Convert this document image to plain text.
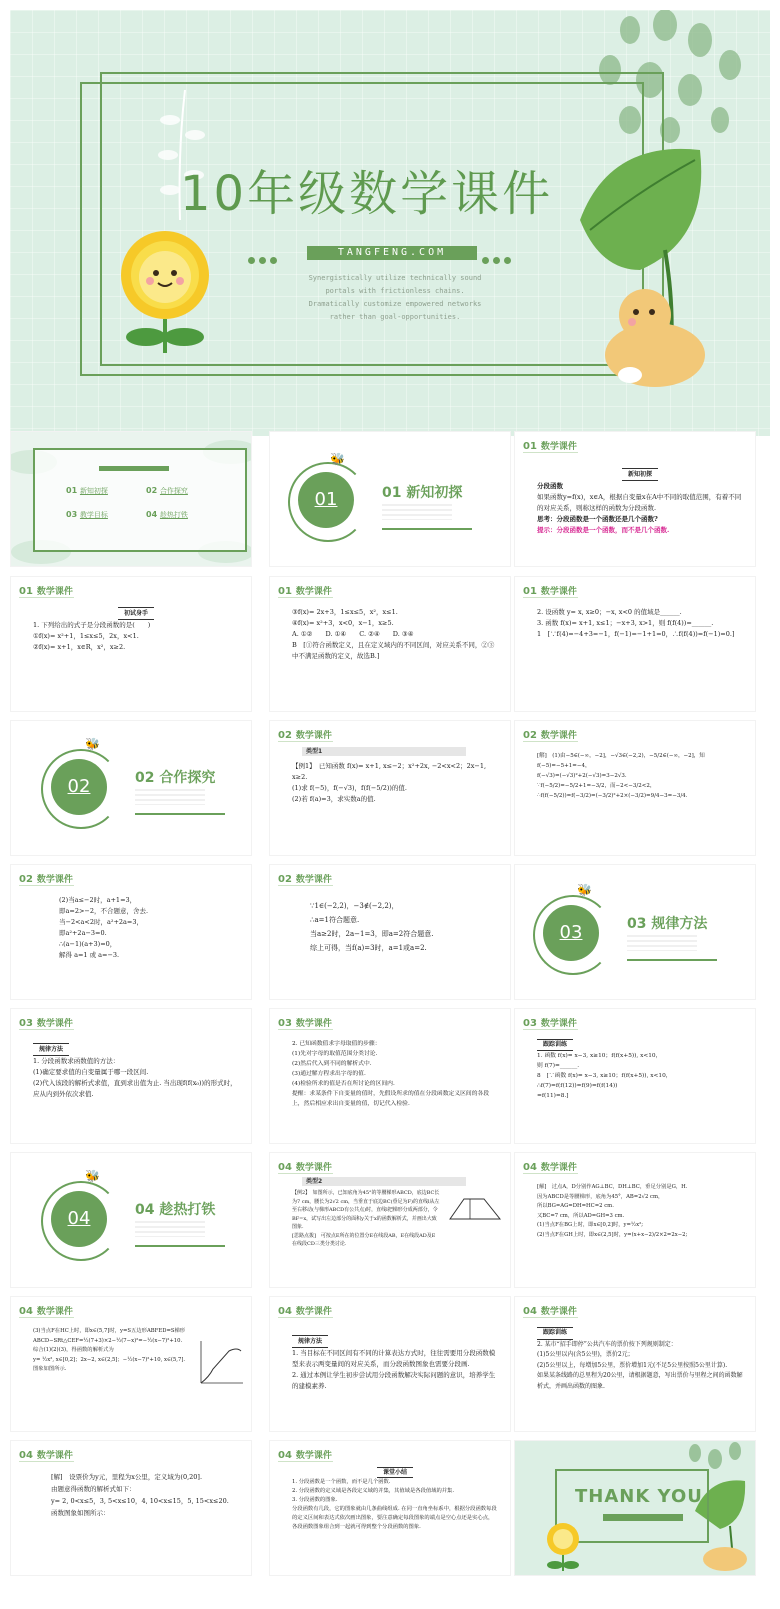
10年级数学课件
TANGFENG.COM
Synergistically utilize technically sound portals with frictionless chains. Dramatically customize empowered networks rather than goal-opportunities.
01 新知初探	02 合作探究
03 教学目标	04 趁热打铁
01
🐝
01 新知初探
01 数学课件

新知初探

分段函数

如果函数y=f(x)，x∈A，根据自变量x在A中不同的取值范围，有着不同的对应关系，则称这样的函数为分段函数.

思考：分段函数是一个函数还是几个函数?

提示：分段函数是一个函数，而不是几个函数.

01 数学课件

初试身手

1. 下列给出的式子是分段函数的是(　　)

①f(x)= x²+1，1≤x≤5，2x，x<1.

②f(x)= x+1，x∈R，x²，x≥2.

01 数学课件

③f(x)= 2x+3，1≤x≤5，x²，x≤1.

④f(x)= x²+3，x<0，x−1，x≥5.

A. ①②　　D. ①④　　C. ②④　　D. ③④

B　[①符合函数定义，且在定义域内的不同区间，对应关系不同，②③中不满足函数的定义，故选B.]

01 数学课件

2. 设函数 y= x, x≥0；−x, x<0 的值域是______.

3. 函数 f(x)= x+1, x≤1；−x+3, x>1，则 f(f(4))=______.

1　[∵f(4)=−4+3=−1，f(−1)=−1+1=0，∴f(f(4))=f(−1)=0.]

02
🐝
02 合作探究
02 数学课件
类型1

【例1】　已知函数 f(x)= x+1, x≤−2；x²+2x, −2<x<2；2x−1, x≥2.

(1)求 f(−5)，f(−√3)，f(f(−5/2))的值.

(2)若 f(a)=3，求实数a的值.

02 数学课件

[解]　(1)由−5∈(−∞，−2]，−√3∈(−2,2)，−5/2∈(−∞，−2]，知

f(−5)=−5+1=−4，

f(−√3)=(−√3)²+2(−√3)=3−2√3.

∵f(−5/2)=−5/2+1=−3/2，而−2<−3/2<2，

∴f(f(−5/2))=f(−3/2)=(−3/2)²+2×(−3/2)=9/4−3=−3/4.

02 数学课件

(2)当a≤−2时，a+1=3，

即a=2>−2，不合题意，舍去.

当−2<a<2时，a²+2a=3，

即a²+2a−3=0.

∴(a−1)(a+3)=0，

解得 a=1 或 a=−3.

02 数学课件

∵1∈(−2,2)，−3∉(−2,2)，

∴a=1符合题意.

当a≥2时，2a−1=3，即a=2符合题意.

综上可得，当f(a)=3时，a=1或a=2.

03
🐝
03 规律方法
03 数学课件

规律方法

1. 分段函数求函数值的方法：

(1)确定要求值的自变量属于哪一段区间.

(2)代入该段的解析式求值，直到求出值为止. 当出现f(f(x₀))的形式时，应从内到外依次求值.

03 数学课件

2. 已知函数值求字母取值的步骤：

(1)先对字母的取值范围分类讨论.

(2)然后代入到不同的解析式中.

(3)通过解方程求出字母的值.

(4)检验所求的值是否在所讨论的区间内.

提醒：求某条件下自变量的值时，先假设所求的值在分段函数定义区间的各段上，然后相应求出自变量的值，切记代入检验.

03 数学课件

跟踪训练

1. 函数 f(x)= x−3, x≥10；f(f(x+5)), x<10，

则 f(7)=______.

8　[∵函数 f(x)= x−3, x≥10；f(f(x+5)), x<10，

∴f(7)=f(f(12))=f(9)=f(f(14))

=f(11)=8.]

04
🐝
04 趁热打铁
04 数学课件
类型2

【例2】　如图所示，已知底角为45°的等腰梯形ABCD，底边BC长为7 cm，腰长为2√2 cm，当垂直于底边BC(垂足为F)的直线l从左至右移动(与梯形ABCD有公共点)时，直线l把梯形分成两部分，令BF=x，试写出左边部分的面积y关于x的函数解析式，并画出大致图象.

[思路点拨]　可按点E所在的位置分E在线段AB，E在线段AD及E在线段CD三类分类讨论.

04 数学课件

[解]　过点A，D分别作AG⊥BC，DH⊥BC，垂足分别是G，H.

因为ABCD是等腰梯形，底角为45°，AB=2√2 cm，

所以BG=AG=DH=HC=2 cm.

又BC=7 cm，所以AD=GH=3 cm.

(1)当点F在BG上时，即x∈[0,2]时，y=½x²;

(2)当点F在GH上时，即x∈(2,5]时，y=(x+x−2)/2×2=2x−2;

04 数学课件

(3)当点F在HC上时，即x∈(5,7]时，y=S五边形ABFED=S梯形ABCD−SRt△CEF=½(7+3)×2−½(7−x)²=−½(x−7)²+10.

综合(1)(2)(3)，得函数的解析式为

y= ½x², x∈[0,2]；2x−2, x∈(2,5]；−½(x−7)²+10, x∈(5,7].

图象如图所示.

04 数学课件

规律方法

1. 当目标在不同区间有不同的计算表达方式时，往往需要用分段函数模型来表示两变量间的对应关系，而分段函数图象也需要分段画.

2. 通过本例让学生初步尝试用分段函数解决实际问题的意识，培养学生的建模素养.

04 数学课件

跟踪训练

2. 某市“招手即停”公共汽车的票价按下列规则制定：

(1)5公里以内(含5公里)，票价2元；

(2)5公里以上，每增加5公里，票价增加1元(不足5公里按照5公里计算).

如果某条线路的总里程为20公里，请根据题意，写出票价与里程之间的函数解析式，并画出函数的图象.

04 数学课件

[解]　设票价为y元，里程为x公里，定义域为(0,20].

由题意得函数的解析式如下：

y= 2, 0<x≤5，3, 5<x≤10，4, 10<x≤15，5, 15<x≤20.

函数图象如图所示：

04 数学课件

课堂小结

1. 分段函数是一个函数，而不是几个函数.

2. 分段函数的定义域是各段定义域的并集，其值域是各段值域的并集.

3. 分段函数的图象.

分段函数有几段，它的图象就由几条曲线组成. 在同一直角坐标系中，根据分段函数每段的定义区间和表达式依次画出图象，要注意确定每段图象的端点是空心点还是实心点，各段函数图象组合到一起就可得到整个分段函数的图象.

THANK YOU
